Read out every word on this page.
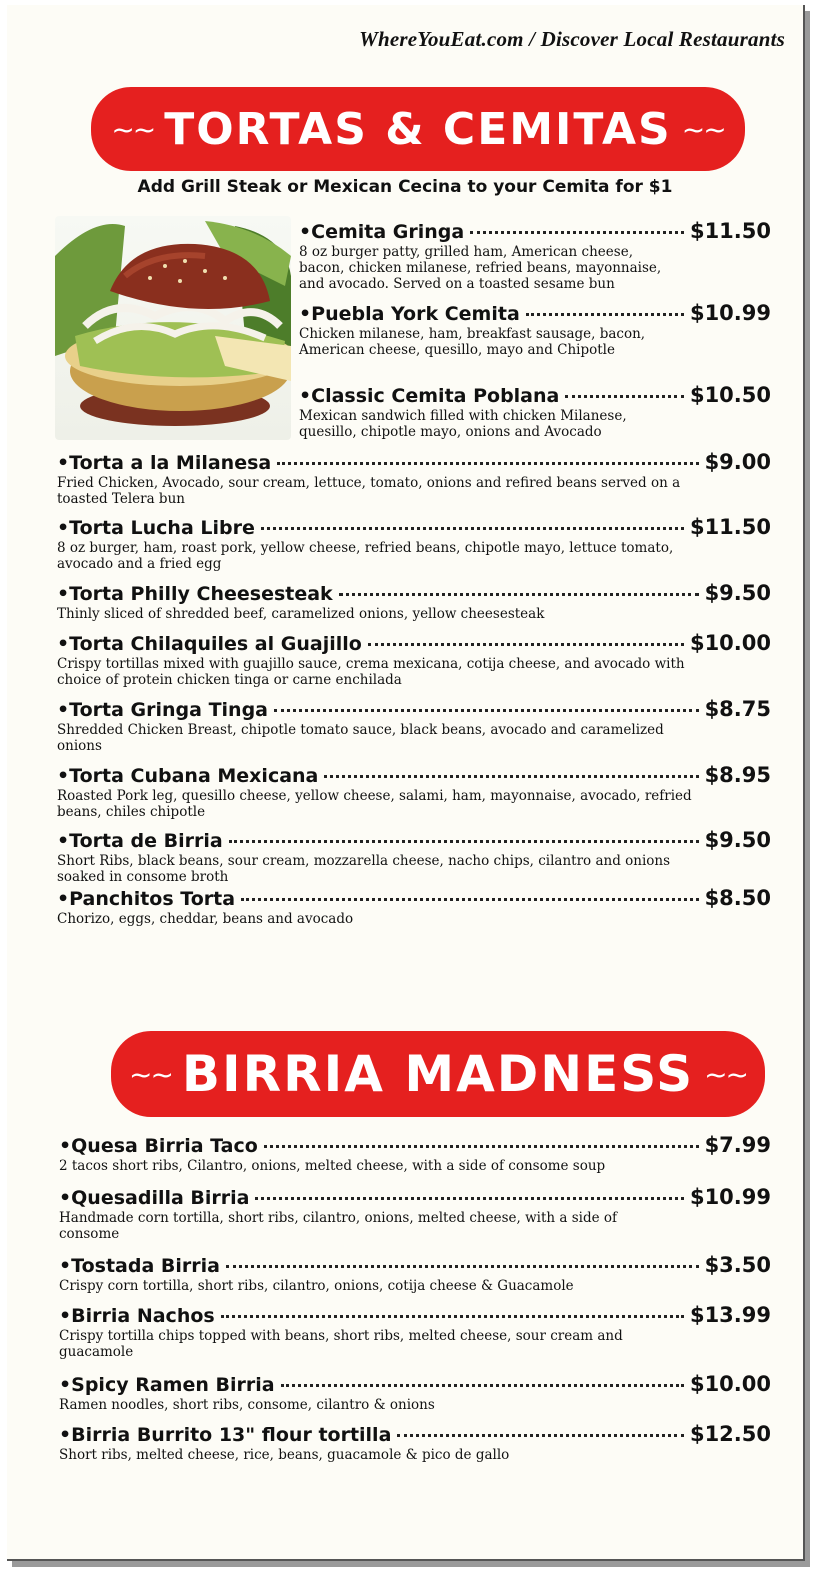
WhereYouEat.com / Discover Local Restaurants
~~ TORTAS & CEMITAS ~~
Add Grill Steak or Mexican Cecina to your Cemita for $1
•Cemita Gringa	$11.50
8 oz burger patty, grilled ham, American cheese, bacon, chicken milanese, refried beans, mayonnaise, and avocado. Served on a toasted sesame bun
•Puebla York Cemita	$10.99
Chicken milanese, ham, breakfast sausage, bacon, American cheese, quesillo, mayo and Chipotle
•Classic Cemita Poblana	$10.50
Mexican sandwich filled with chicken Milanese, quesillo, chipotle mayo, onions and Avocado
•Torta a la Milanesa	$9.00
Fried Chicken, Avocado, sour cream, lettuce, tomato, onions and refired beans served on a toasted Telera bun
•Torta Lucha Libre	$11.50
8 oz burger, ham, roast pork, yellow cheese, refried beans, chipotle mayo, lettuce tomato, avocado and a fried egg
•Torta Philly Cheesesteak	$9.50
Thinly sliced of shredded beef, caramelized onions, yellow cheesesteak
•Torta Chilaquiles al Guajillo	$10.00
Crispy tortillas mixed with guajillo sauce, crema mexicana, cotija cheese, and avocado with choice of protein chicken tinga or carne enchilada
•Torta Gringa Tinga	$8.75
Shredded Chicken Breast, chipotle tomato sauce, black beans, avocado and caramelized onions
•Torta Cubana Mexicana	$8.95
Roasted Pork leg, quesillo cheese, yellow cheese, salami, ham, mayonnaise, avocado, refried beans, chiles chipotle
•Torta de Birria	$9.50
Short Ribs, black beans, sour cream, mozzarella cheese, nacho chips, cilantro and onions soaked in consome broth
•Panchitos Torta	$8.50
Chorizo, eggs, cheddar, beans and avocado
~~ BIRRIA MADNESS ~~
•Quesa Birria Taco	$7.99
2 tacos short ribs, Cilantro, onions, melted cheese, with a side of consome soup
•Quesadilla Birria	$10.99
Handmade corn tortilla, short ribs, cilantro, onions, melted cheese, with a side of consome
•Tostada Birria	$3.50
Crispy corn tortilla, short ribs, cilantro, onions, cotija cheese & Guacamole
•Birria Nachos	$13.99
Crispy tortilla chips topped with beans, short ribs, melted cheese, sour cream and guacamole
•Spicy Ramen Birria	$10.00
Ramen noodles, short ribs, consome, cilantro & onions
•Birria Burrito 13" flour tortilla	$12.50
Short ribs, melted cheese, rice, beans, guacamole & pico de gallo
